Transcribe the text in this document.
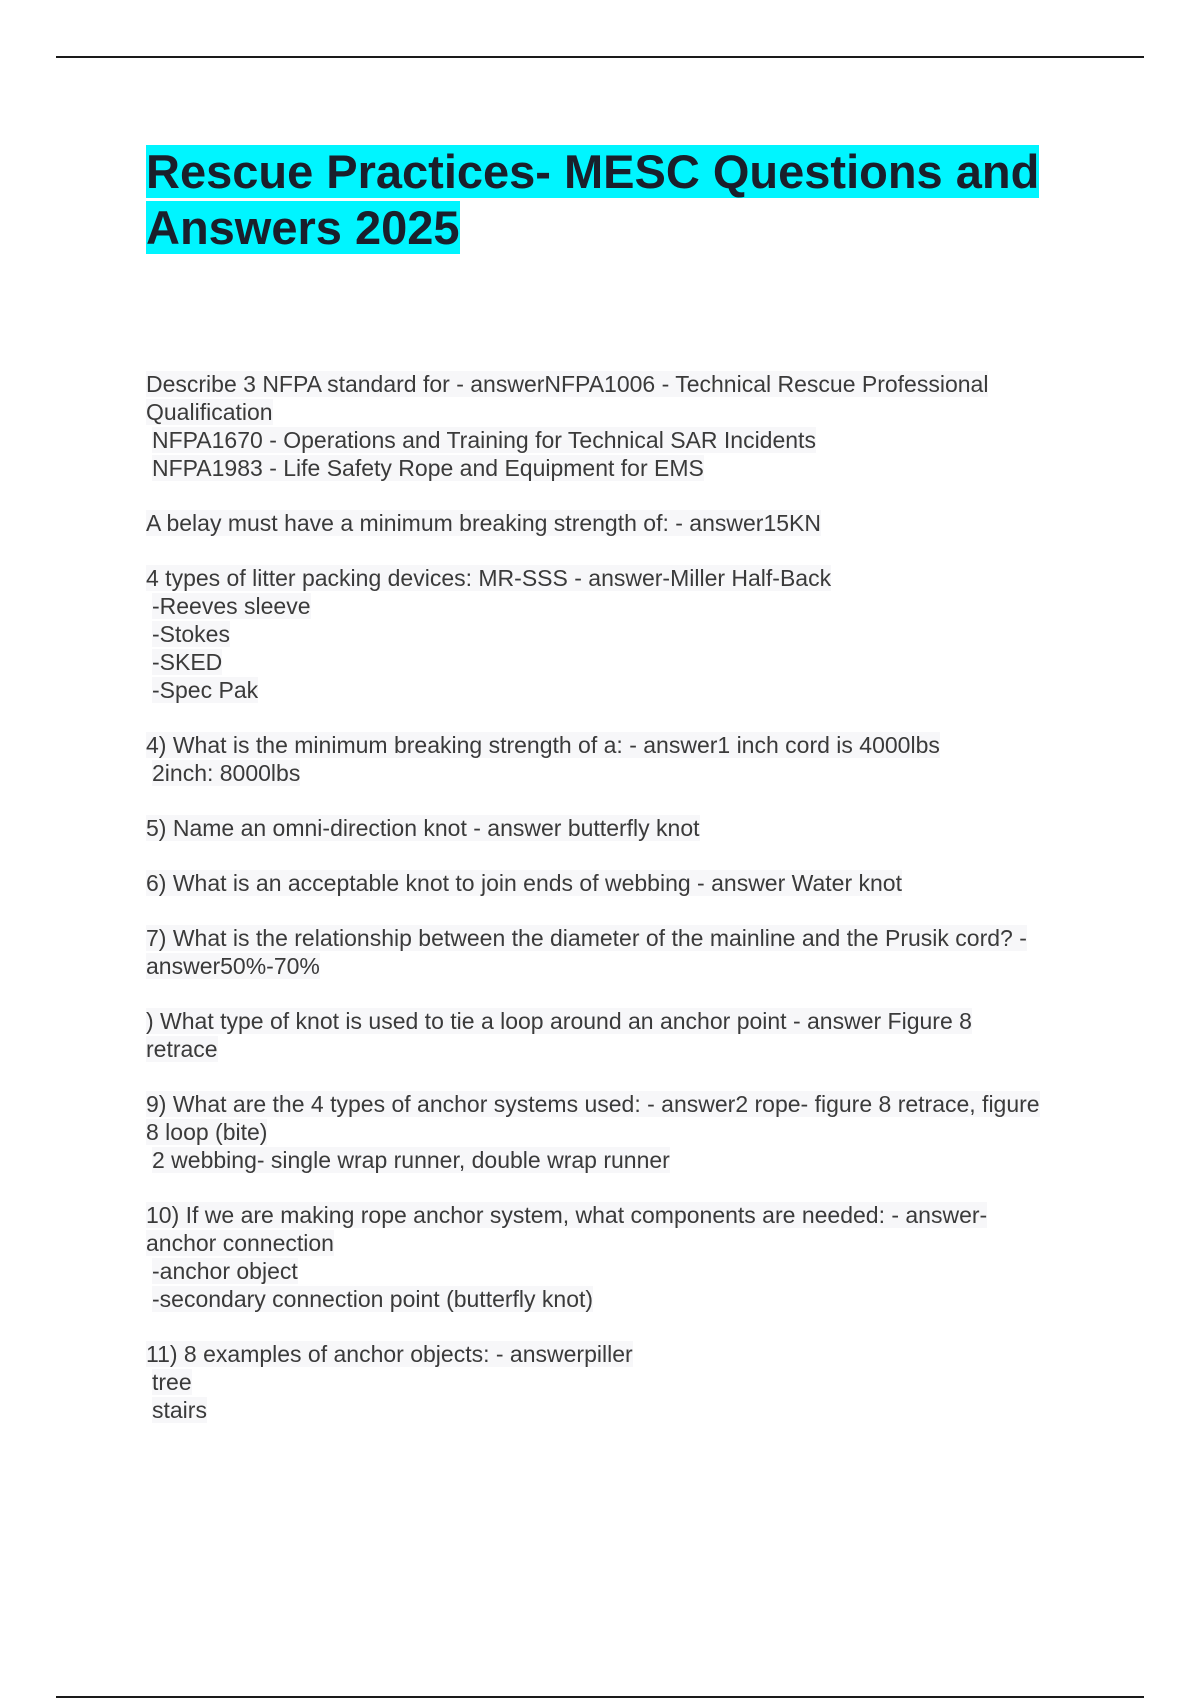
Rescue Practices- MESC Questions and Answers 2025
Describe 3 NFPA standard for - answerNFPA1006 - Technical Rescue Professional
Qualification
NFPA1670 - Operations and Training for Technical SAR Incidents
NFPA1983 - Life Safety Rope and Equipment for EMS
A belay must have a minimum breaking strength of: - answer15KN
4 types of litter packing devices: MR-SSS - answer-Miller Half-Back
-Reeves sleeve
-Stokes
-SKED
-Spec Pak
4) What is the minimum breaking strength of a: - answer1 inch cord is 4000lbs
2inch: 8000lbs
5) Name an omni-direction knot - answer butterfly knot
6) What is an acceptable knot to join ends of webbing - answer Water knot
7) What is the relationship between the diameter of the mainline and the Prusik cord? -
answer50%-70%
) What type of knot is used to tie a loop around an anchor point - answer Figure 8
retrace
9) What are the 4 types of anchor systems used: - answer2 rope- figure 8 retrace, figure
8 loop (bite)
2 webbing- single wrap runner, double wrap runner
10) If we are making rope anchor system, what components are needed: - answer-
anchor connection
-anchor object
-secondary connection point (butterfly knot)
11) 8 examples of anchor objects: - answerpiller
tree
stairs
